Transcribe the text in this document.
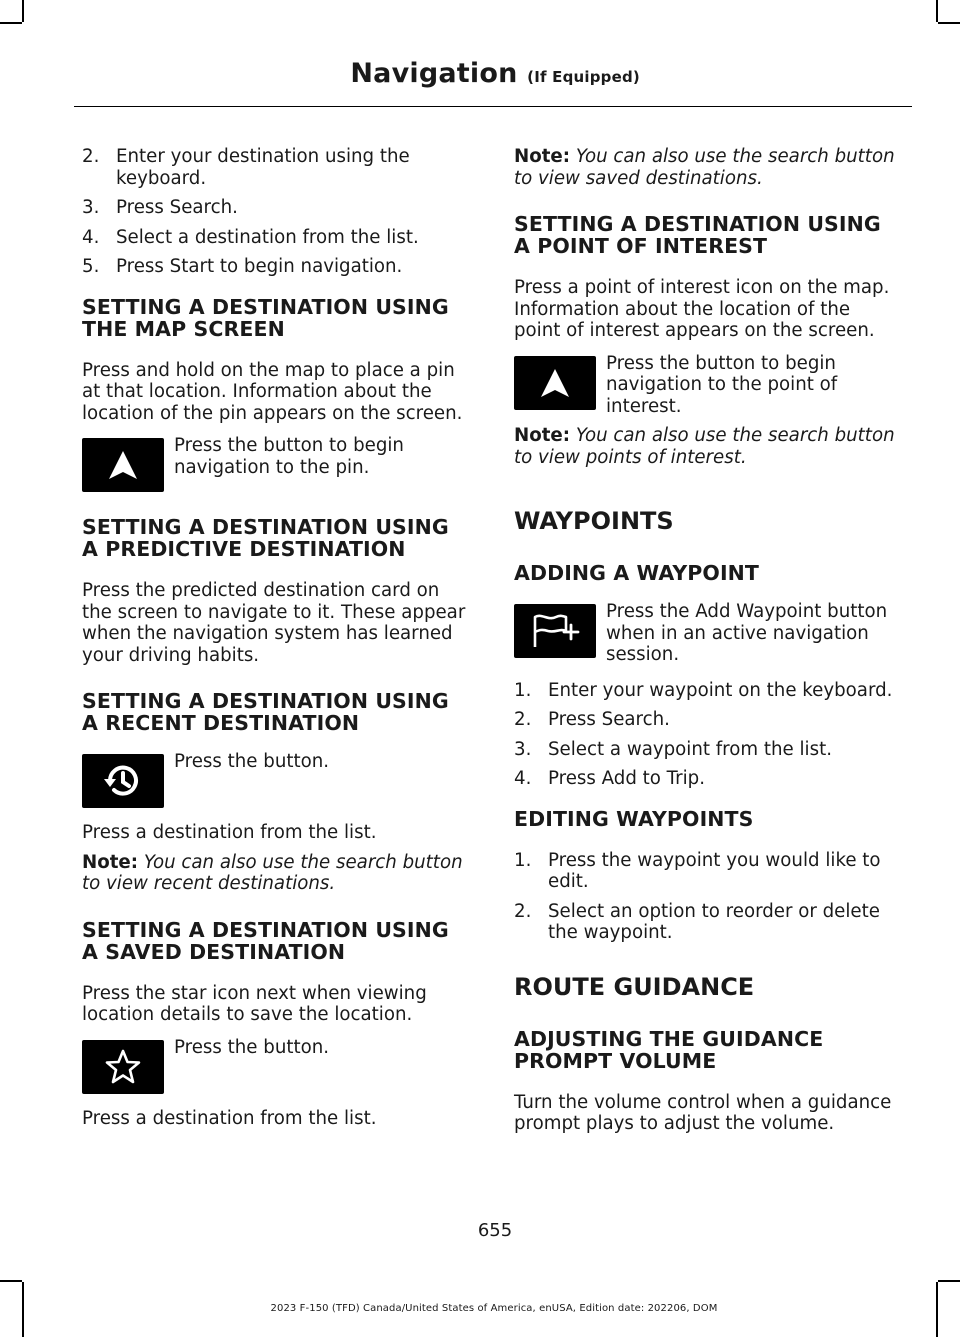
Navigation (If Equipped)
2. Enter your destination using the keyboard.
3. Press Search.
4. Select a destination from the list.
5. Press Start to begin navigation.
SETTING A DESTINATION USING THE MAP SCREEN

Press and hold on the map to place a pin at that location. Information about the location of the pin appears on the screen.

Press the button to begin navigation to the pin.

SETTING A DESTINATION USING A PREDICTIVE DESTINATION

Press the predicted destination card on the screen to navigate to it. These appear when the navigation system has learned your driving habits.

SETTING A DESTINATION USING A RECENT DESTINATION

Press the button.

Press a destination from the list.

Note: You can also use the search button to view recent destinations.

SETTING A DESTINATION USING A SAVED DESTINATION

Press the star icon next when viewing location details to save the location.

Press the button.

Press a destination from the list.

Note: You can also use the search button to view saved destinations.

SETTING A DESTINATION USING A POINT OF INTEREST

Press a point of interest icon on the map. Information about the location of the point of interest appears on the screen.

Press the button to begin navigation to the point of interest.

Note: You can also use the search button to view points of interest.

WAYPOINTS
ADDING A WAYPOINT

Press the Add Waypoint button when in an active navigation session.

1. Enter your waypoint on the keyboard.
2. Press Search.
3. Select a waypoint from the list.
4. Press Add to Trip.
EDITING WAYPOINTS
1. Press the waypoint you would like to edit.
2. Select an option to reorder or delete the waypoint.
ROUTE GUIDANCE
ADJUSTING THE GUIDANCE PROMPT VOLUME

Turn the volume control when a guidance prompt plays to adjust the volume.

655
2023 F-150 (TFD) Canada/United States of America, enUSA, Edition date: 202206, DOM
